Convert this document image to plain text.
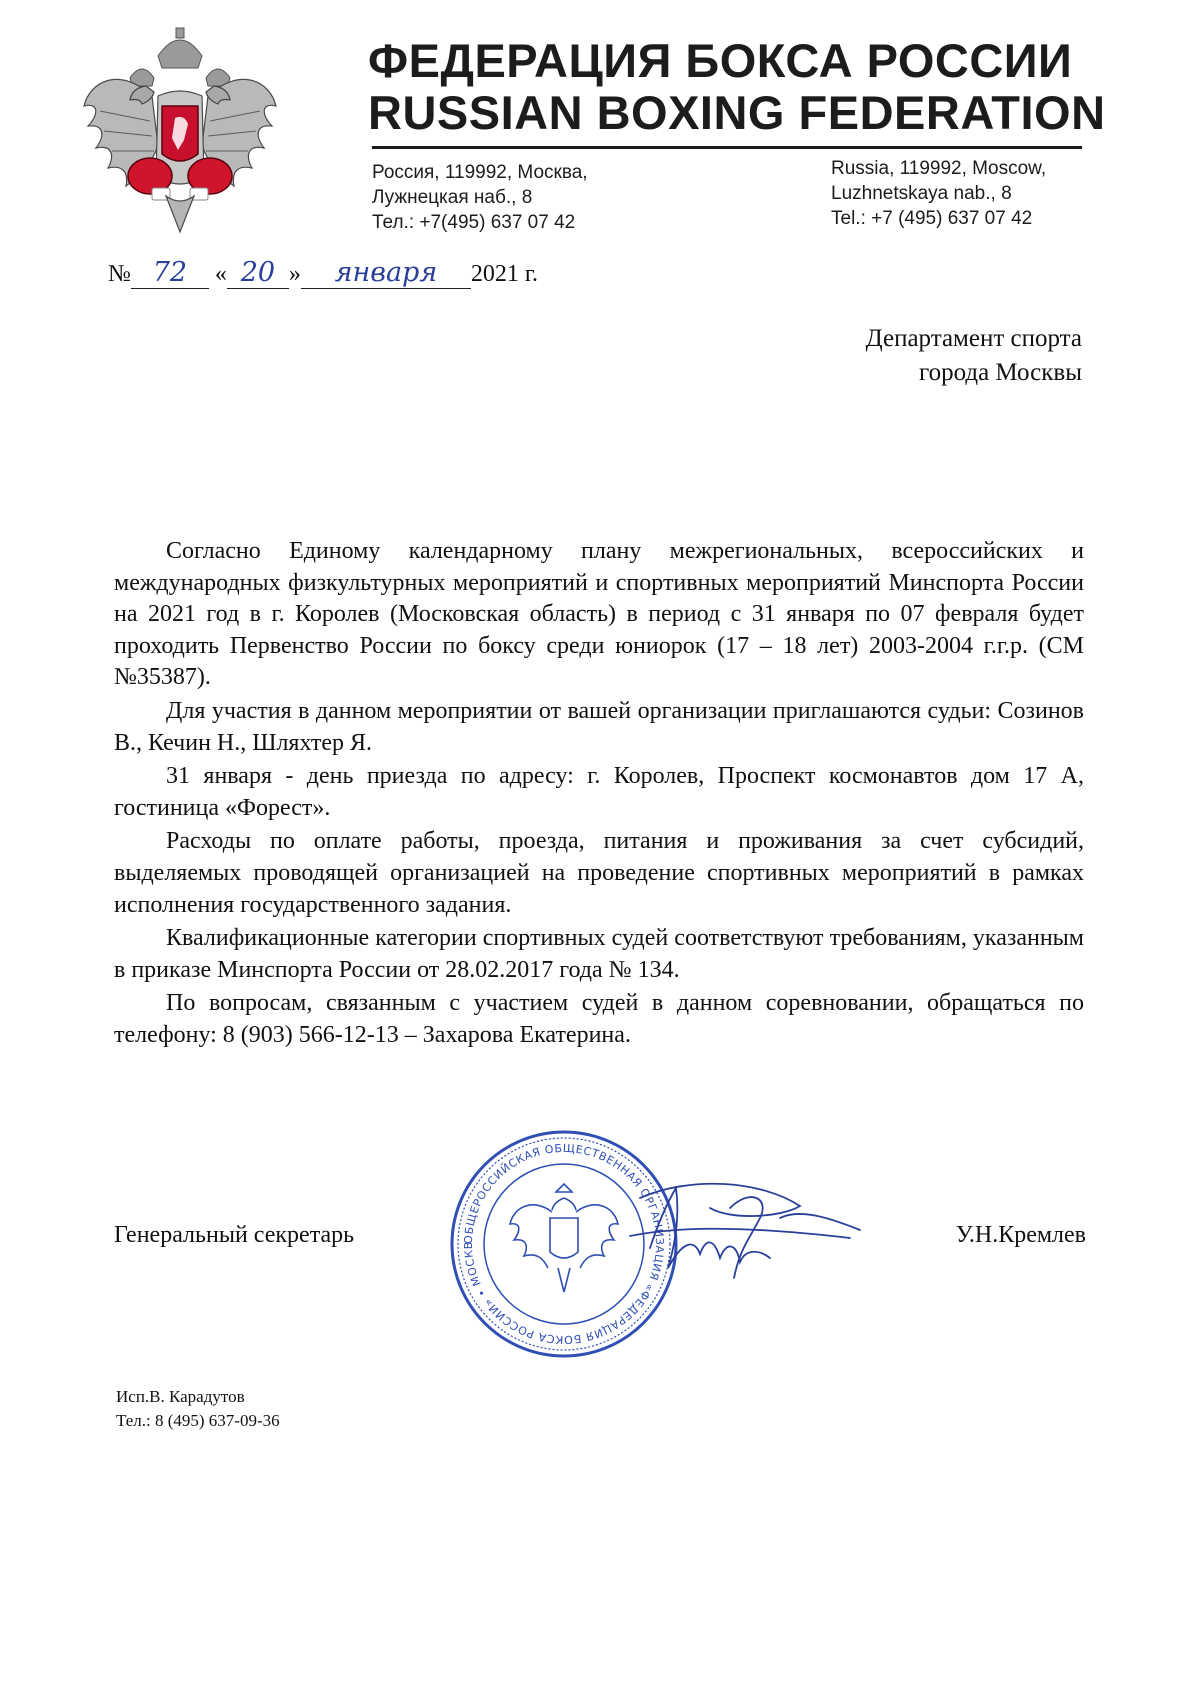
ФЕДЕРАЦИЯ БОКСА РОССИИ
RUSSIAN BOXING FEDERATION
Россия, 119992, Москва,
Лужнецкая наб., 8
Тел.: +7(495) 637 07 42
Russia, 119992, Moscow,
Luzhnetskaya nab., 8
Tel.: +7 (495) 637 07 42
№ 72 « 20 » января 2021 г.
Департамент спорта
города Москвы

Согласно Единому календарному плану межрегиональных, всероссийских и международных физкультурных мероприятий и спортивных мероприятий Минспорта России на 2021 год в г. Королев (Московская область) в период с 31 января по 07 февраля будет проходить Первенство России по боксу среди юниорок (17 – 18 лет) 2003-2004 г.г.р. (СМ №35387).

Для участия в данном мероприятии от вашей организации приглашаются судьи: Созинов В., Кечин Н., Шляхтер Я.

31 января - день приезда по адресу: г. Королев, Проспект космонавтов дом 17 А, гостиница «Форест».

Расходы по оплате работы, проезда, питания и проживания за счет субсидий, выделяемых проводящей организацией на проведение спортивных мероприятий в рамках исполнения государственного задания.

Квалификационные категории спортивных судей соответствуют требованиям, указанным в приказе Минспорта России от 28.02.2017 года № 134.

По вопросам, связанным с участием судей в данном соревновании, обращаться по телефону: 8 (903) 566-12-13 – Захарова Екатерина.

ОБЩЕРОССИЙСКАЯ ОБЩЕСТВЕННАЯ ОРГАНИЗАЦИЯ «ФЕДЕРАЦИЯ БОКСА РОССИИ» • МОСКВ
Генеральный секретарь	У.Н.Кремлев
Исп.В. Карадутов
Тел.: 8 (495) 637-09-36
